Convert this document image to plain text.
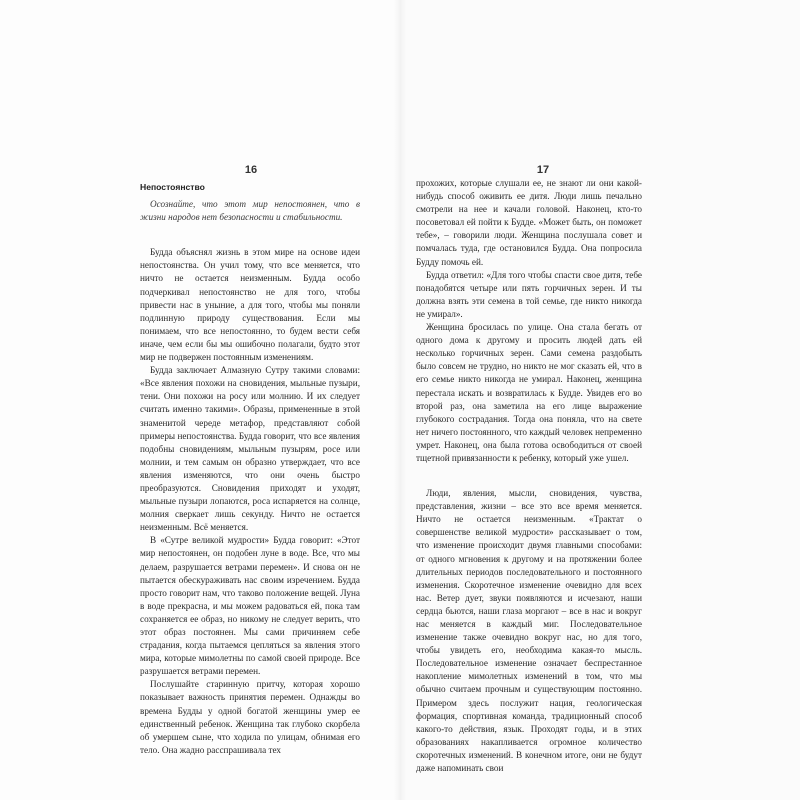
16
Непостоянство

Осознайте, что этот мир непостоянен, что в жизни народов нет безопасности и стабильности.

Будда объяснял жизнь в этом мире на основе идеи непостоянства. Он учил тому, что все меняется, что ничто не остается неизменным. Будда особо подчеркивал непостоянство не для того, чтобы привести нас в уныние, а для того, чтобы мы поняли подлинную природу существования. Если мы понимаем, что все непостоянно, то будем вести себя иначе, чем если бы мы ошибочно полагали, будто этот мир не подвержен постоянным изменениям.

Будда заключает Алмазную Сутру такими словами: «Все явления похожи на сновидения, мыльные пузыри, тени. Они похожи на росу или молнию. И их следует считать именно такими». Образы, примененные в этой знаменитой череде метафор, представляют собой примеры непостоянства. Будда говорит, что все явления подобны сновидениям, мыльным пузырям, росе или молнии, и тем самым он образно утверждает, что все явления изменяются, что они очень быстро преобразуются. Сновидения приходят и уходят, мыльные пузыри лопаются, роса испаряется на солнце, молния сверкает лишь секунду. Ничто не остается неизменным. Всё меняется.

В «Сутре великой мудрости» Будда говорит: «Этот мир непостоянен, он подобен луне в воде. Все, что мы делаем, разрушается ветрами перемен». И снова он не пытается обескураживать нас своим изречением. Будда просто говорит нам, что таково положение вещей. Луна в воде прекрасна, и мы можем радоваться ей, пока там сохраняется ее образ, но никому не следует верить, что этот образ постоянен. Мы сами причиняем себе страдания, когда пытаемся цепляться за явления этого мира, которые мимолетны по самой своей природе. Все разрушается ветрами перемен.

Послушайте старинную притчу, которая хорошо показывает важность принятия перемен. Однажды во времена Будды у одной богатой женщины умер ее единственный ребенок. Женщина так глубоко скорбела об умершем сыне, что ходила по улицам, обнимая его тело. Она жадно расспрашивала тех

17

прохожих, которые слушали ее, не знают ли они какой-нибудь способ оживить ее дитя. Люди лишь печально смотрели на нее и качали головой. Наконец, кто-то посоветовал ей пойти к Будде. «Может быть, он поможет тебе», – говорили люди. Женщина послушала совет и помчалась туда, где остановился Будда. Она попросила Будду помочь ей.

Будда ответил: «Для того чтобы спасти свое дитя, тебе понадобятся четыре или пять горчичных зерен. И ты должна взять эти семена в той семье, где никто никогда не умирал».

Женщина бросилась по улице. Она стала бегать от одного дома к другому и просить людей дать ей несколько горчичных зерен. Сами семена раздобыть было совсем не трудно, но никто не мог сказать ей, что в его семье никто никогда не умирал. Наконец, женщина перестала искать и возвратилась к Будде. Увидев его во второй раз, она заметила на его лице выражение глубокого сострадания. Тогда она поняла, что на свете нет ничего постоянного, что каждый человек непременно умрет. Наконец, она была готова освободиться от своей тщетной привязанности к ребенку, который уже ушел.

Люди, явления, мысли, сновидения, чувства, представления, жизни – все это все время меняется. Ничто не остается неизменным. «Трактат о совершенстве великой мудрости» рассказывает о том, что изменение происходит двумя главными способами: от одного мгновения к другому и на протяжении более длительных периодов последовательного и постоянного изменения. Скоротечное изменение очевидно для всех нас. Ветер дует, звуки появляются и исчезают, наши сердца бьются, наши глаза моргают – все в нас и вокруг нас меняется в каждый миг. Последовательное изменение также очевидно вокруг нас, но для того, чтобы увидеть его, необходима какая-то мысль. Последовательное изменение означает беспрестанное накопление мимолетных изменений в том, что мы обычно считаем прочным и существующим постоянно. Примером здесь послужит нация, геологическая формация, спортивная команда, традиционный способ какого-то действия, язык. Проходят годы, и в этих образованиях накапливается огромное количество скоротечных изменений. В конечном итоге, они не будут даже напоминать свои
